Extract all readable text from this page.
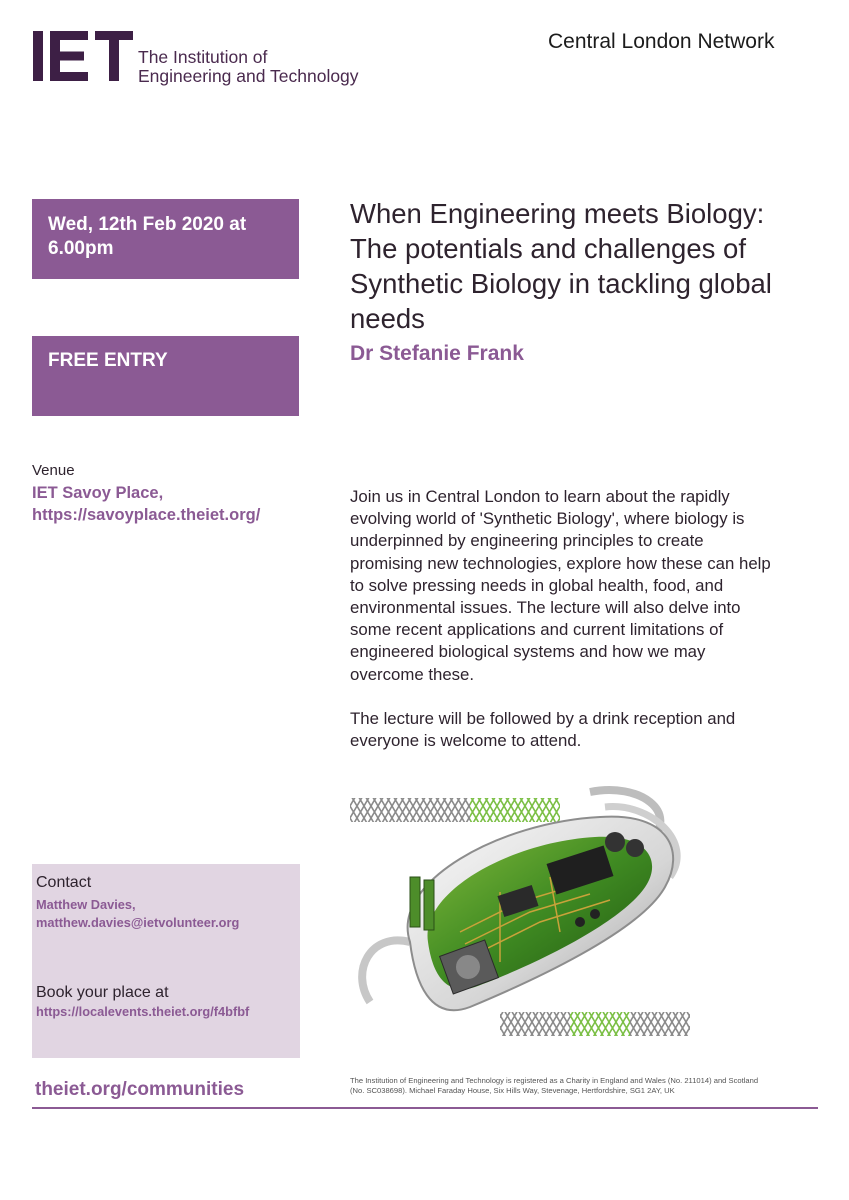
The Institution of
Engineering and Technology
Central London Network
Wed, 12th Feb 2020 at
6.00pm
FREE ENTRY
When Engineering meets Biology:
The potentials and challenges of
Synthetic Biology in tackling global
needs
Dr Stefanie Frank
Venue
IET Savoy Place,
https://savoyplace.theiet.org/

Join us in Central London to learn about the rapidly
evolving world of 'Synthetic Biology', where biology is
underpinned by engineering principles to create
promising new technologies, explore how these can help
to solve pressing needs in global health, food, and
environmental issues. The lecture will also delve into
some recent applications and current limitations of
engineered biological systems and how we may
overcome these.

The lecture will be followed by a drink reception and
everyone is welcome to attend.

Contact
Matthew Davies,
matthew.davies@ietvolunteer.org
Book your place at
https://localevents.theiet.org/f4bfbf
theiet.org/communities	The Institution of Engineering and Technology is registered as a Charity in England and Wales (No. 211014) and Scotland
(No. SC038698). Michael Faraday House, Six Hills Way, Stevenage, Hertfordshire, SG1 2AY, UK
